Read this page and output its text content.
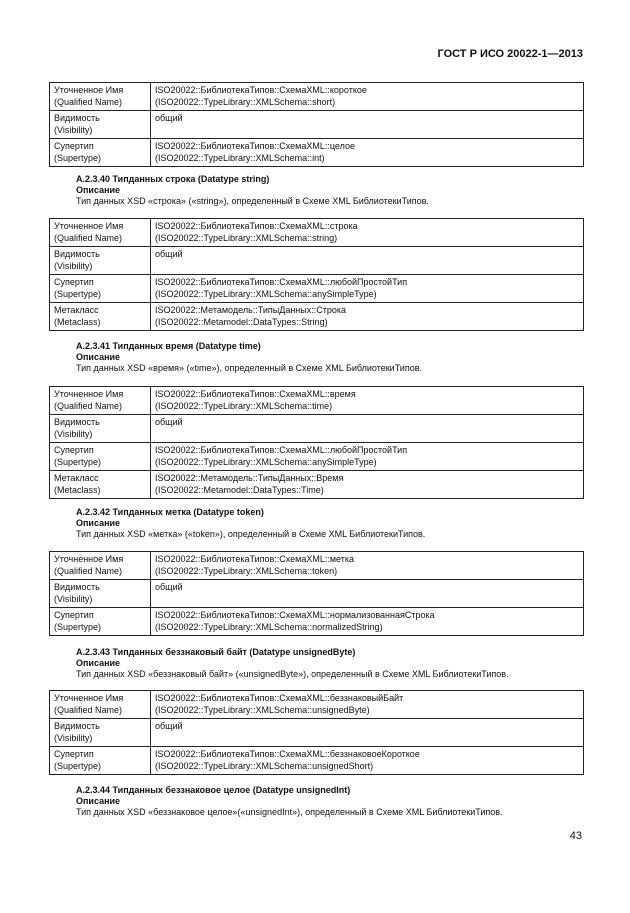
ГОСТ Р ИСО 20022-1—2013
Уточненное Имя
(Qualified Name)	ISO20022::БиблиотекаТипов::СхемаXML::короткое
(ISO20022::TypeLibrary::XMLSchema::short)
Видимость
(Visibility)	общий
Супертип
(Supertype)	ISO20022::БиблиотекаТипов::СхемаXML::целое
(ISO20022::TypeLibrary::XMLSchema::int)
А.2.3.40 Типданных строка (Datatype string)
Описание
Тип данных XSD «строка» («string»), определенный в Схеме XML БиблиотекиТипов.
Уточненное Имя
(Qualified Name)	ISO20022::БиблиотекаТипов::СхемаXML::строка
(ISO20022::TypeLibrary::XMLSchema::string)
Видимость
(Visibility)	общий
Супертип
(Supertype)	ISO20022::БиблиотекаТипов::СхемаXML::любойПростойТип
(ISO20022::TypeLibrary::XMLSchema::anySimpleType)
Метакласс
(Metaclass)	ISO20022::Метамодель::ТипыДанных::Строка
(ISO20022::Metamodel::DataTypes::String)
А.2.3.41 Типданных время (Datatype time)
Описание
Тип данных XSD «время» («time»), определенный в Схеме XML БиблиотекиТипов.
Уточненное Имя
(Qualified Name)	ISO20022::БиблиотекаТипов::СхемаXML::время
(ISO20022::TypeLibrary::XMLSchema::time)
Видимость
(Visibility)	общий
Супертип
(Supertype)	ISO20022::БиблиотекаТипов::СхемаXML::любойПростойТип
(ISO20022::TypeLibrary::XMLSchema::anySimpleType)
Метакласс
(Metaclass)	ISO20022::Метамодель::ТипыДанных::Время
(ISO20022::Metamodel::DataTypes::Time)
А.2.3.42 Типданных метка (Datatype token)
Описание
Тип данных XSD «метка» («token»), определенный в Схеме XML БиблиотекиТипов.
Уточненное Имя
(Qualified Name)	ISO20022::БиблиотекаТипов::СхемаXML::метка
(ISO20022::TypeLibrary::XMLSchema::token)
Видимость
(Visibility)	общий
Супертип
(Supertype)	ISO20022::БиблиотекаТипов::СхемаXML::нормализованнаяСтрока
(ISO20022::TypeLibrary::XMLSchema::normalizedString)
А.2.3.43 Типданных беззнаковый байт (Datatype unsignedByte)
Описание
Тип данных XSD «беззнаковый байт» («unsignedByte»), определенный в Схеме XML БиблиотекиТипов.
Уточненное Имя
(Qualified Name)	ISO20022::БиблиотекаТипов::СхемаXML::беззнаковыйБайт
(ISO20022::TypeLibrary::XMLSchema::unsignedByte)
Видимость
(Visibility)	общий
Супертип
(Supertype)	ISO20022::БиблиотекаТипов::СхемаXML::беззнаковоеКороткое
(ISO20022::TypeLibrary::XMLSchema::unsignedShort)
А.2.3.44 Типданных беззнаковое целое (Datatype unsignedInt)
Описание
Тип данных XSD «беззнаковое целое»(«unsignedInt»), определенный в Схеме XML БиблиотекиТипов.
43
